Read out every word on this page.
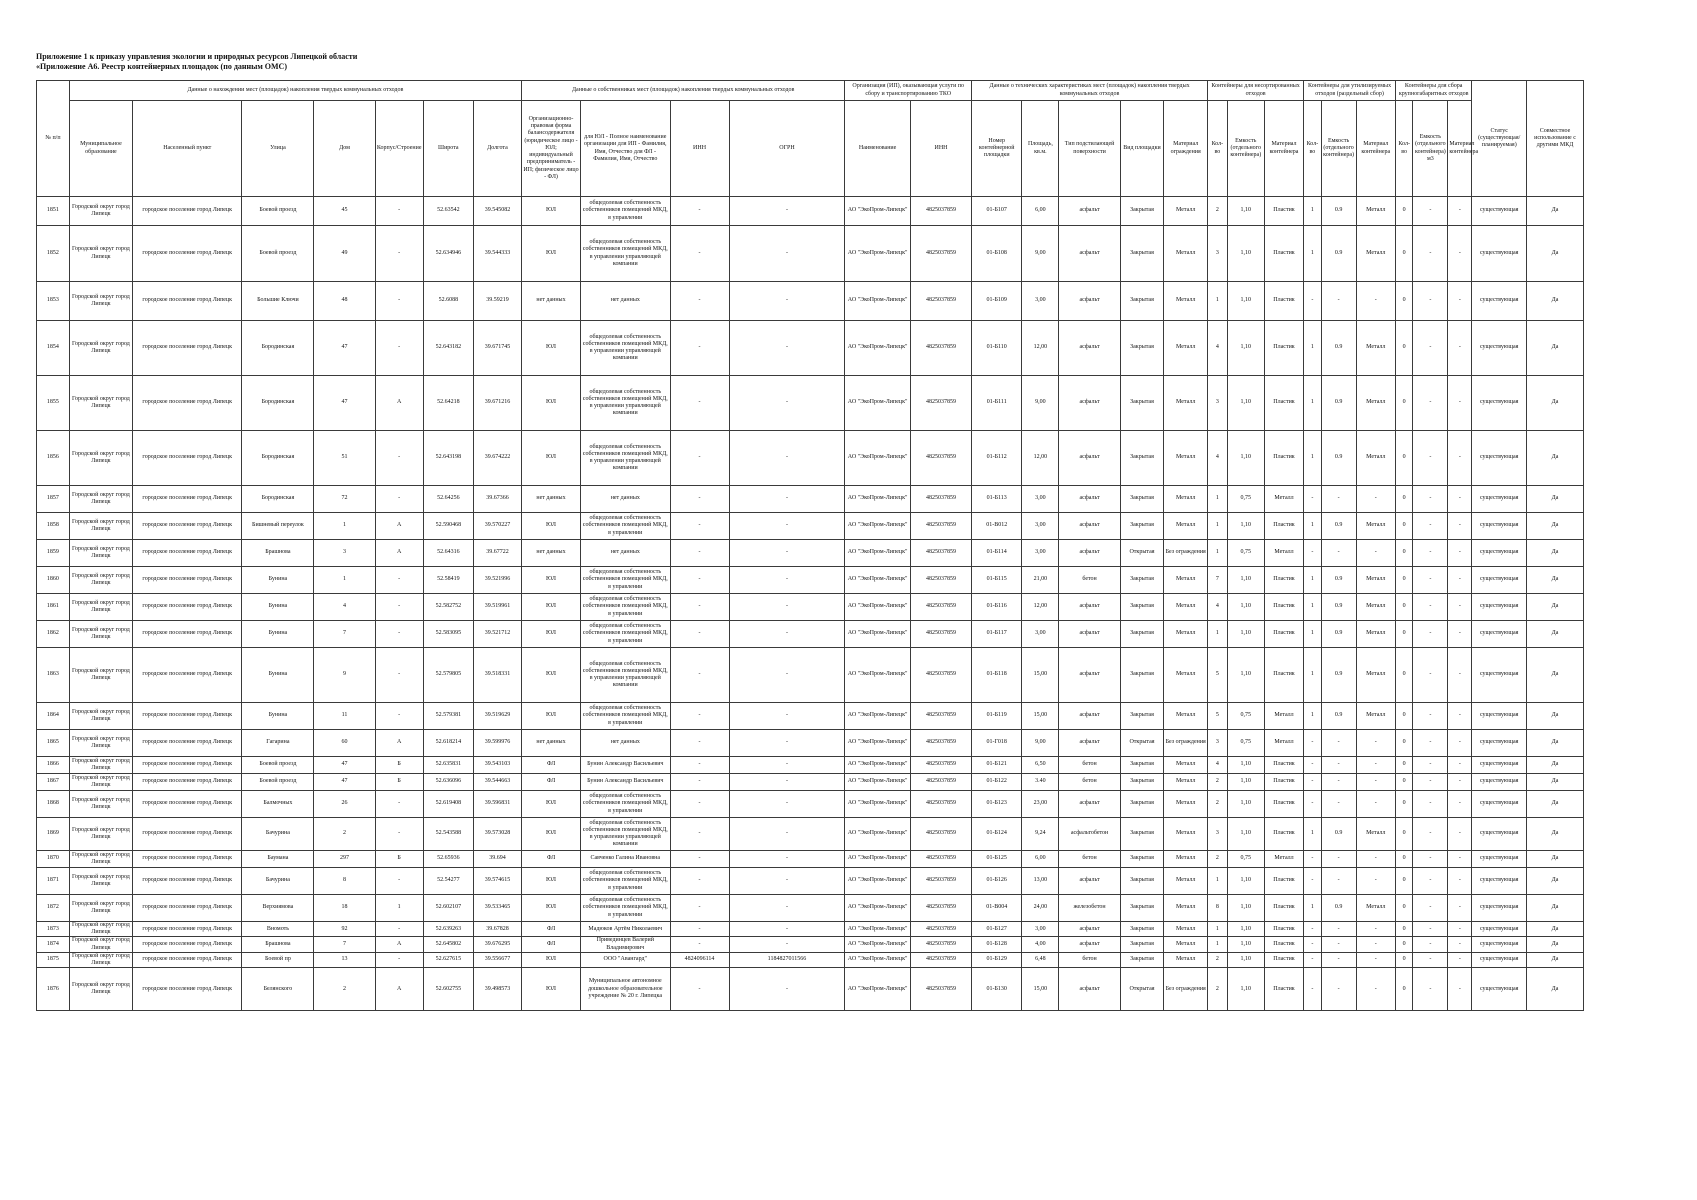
Приложение 1 к приказу управления экологии и природных ресурсов Липецкой области
«Приложение А6. Реестр контейнерных площадок (по данным ОМС)
№ п/п	Данные о нахождении мест (площадок) накопления твердых коммунальных отходов							Данные о собственниках мест (площадок) накопления твердых коммунальных отходов				Организация (ИП), оказывающая услуги по сбору и транспортированию ТКО		Данные о технических характеристиках мест (площадок) накопления твердых коммунальных отходов					Контейнеры для несортированных отходов			Контейнеры для утилизируемых отходов (раздельный сбор)			Контейнеры для сбора крупногабаритных отходов			Статус (существующая/ планируемая)	Совместное использование с другими МКД
	Муниципальное образование	Населенный пункт	Улица	Дом	Корпус/Строение	Широта	Долгота	Организационно-правовая форма балансодержателя (юридическое лицо - ЮЛ; индивидуальный предприниматель - ИП; физическое лицо - ФЛ)	для ЮЛ - Полное наименование организации для ИП - Фамилия, Имя, Отчество для ФЛ - Фамилия, Имя, Отчество	ИНН	ОГРН	Наименование	ИНН	Номер контейнерной площадки	Площадь, кв.м.	Тип подстилающей поверхности	Вид площадки	Материал ограждения	Кол-во	Емкость (отдельного контейнера)	Материал контейнера	Кол-во	Емкость (отдельного контейнера)	Материал контейнера	Кол-во	Емкость (отдельного контейнера) м3	Материал контейнера		
1851	Городской округ город Липецк	городское поселение город Липецк	Боевой проезд	45	-	52.63542	39.545082	ЮЛ	общедолевая собственность собственников помещений МКД, в управлении	-	-	АО "ЭкоПром-Липецк"	4825037859	01-Б107	6,00	асфальт	Закрытая	Металл	2	1,10	Пластик	1	0.9	Металл	0	-	-	существующая	Да
1852	Городской округ город Липецк	городское поселение город Липецк	Боевой проезд	49	-	52.634946	39.544333	ЮЛ	общедолевая собственность собственников помещений МКД, в управлении управляющей компании	-	-	АО "ЭкоПром-Липецк"	4825037859	01-Б108	9,00	асфальт	Закрытая	Металл	3	1,10	Пластик	1	0.9	Металл	0	-	-	существующая	Да
1853	Городской округ город Липецк	городское поселение город Липецк	Большие Ключи	48	-	52.6088	39.59219	нет данных	нет данных	-	-	АО "ЭкоПром-Липецк"	4825037859	01-Б109	3,00	асфальт	Закрытая	Металл	1	1,10	Пластик	-	-	-	0	-	-	существующая	Да
1854	Городской округ город Липецк	городское поселение город Липецк	Бородинская	47	-	52.643182	39.671745	ЮЛ	общедолевая собственность собственников помещений МКД, в управлении управляющей компании	-	-	АО "ЭкоПром-Липецк"	4825037859	01-Б110	12,00	асфальт	Закрытая	Металл	4	1,10	Пластик	1	0.9	Металл	0	-	-	существующая	Да
1855	Городской округ город Липецк	городское поселение город Липецк	Бородинская	47	А	52.64218	39.671216	ЮЛ	общедолевая собственность собственников помещений МКД, в управлении управляющей компании	-	-	АО "ЭкоПром-Липецк"	4825037859	01-Б111	9,00	асфальт	Закрытая	Металл	3	1,10	Пластик	1	0.9	Металл	0	-	-	существующая	Да
1856	Городской округ город Липецк	городское поселение город Липецк	Бородинская	51	-	52.643198	39.674222	ЮЛ	общедолевая собственность собственников помещений МКД, в управлении управляющей компании	-	-	АО "ЭкоПром-Липецк"	4825037859	01-Б112	12,00	асфальт	Закрытая	Металл	4	1,10	Пластик	1	0.9	Металл	0	-	-	существующая	Да
1857	Городской округ город Липецк	городское поселение город Липецк	Бородинская	72	-	52.64256	39.67366	нет данных	нет данных	-	-	АО "ЭкоПром-Липецк"	4825037859	01-Б113	3,00	асфальт	Закрытая	Металл	1	0,75	Металл	-	-	-	0	-	-	существующая	Да
1858	Городской округ город Липецк	городское поселение город Липецк	Бишневый переулок	1	А	52.590468	39.570227	ЮЛ	общедолевая собственность собственников помещений МКД, в управлении	-	-	АО "ЭкоПром-Липецк"	4825037859	01-В012	3,00	асфальт	Закрытая	Металл	1	1,10	Пластик	1	0.9	Металл	0	-	-	существующая	Да
1859	Городской округ город Липецк	городское поселение город Липецк	Брашнова	3	А	52.64316	39.67722	нет данных	нет данных	-	-	АО "ЭкоПром-Липецк"	4825037859	01-Б114	3,00	асфальт	Открытая	Без ограждения	1	0,75	Металл	-	-	-	0	-	-	существующая	Да
1860	Городской округ город Липецк	городское поселение город Липецк	Бунина	1	-	52.58419	39.521996	ЮЛ	общедолевая собственность собственников помещений МКД, в управлении	-	-	АО "ЭкоПром-Липецк"	4825037859	01-Б115	21,00	бетон	Закрытая	Металл	7	1,10	Пластик	1	0.9	Металл	0	-	-	существующая	Да
1861	Городской округ город Липецк	городское поселение город Липецк	Бунина	4	-	52.582752	39.519961	ЮЛ	общедолевая собственность собственников помещений МКД, в управлении	-	-	АО "ЭкоПром-Липецк"	4825037859	01-Б116	12,00	асфальт	Закрытая	Металл	4	1,10	Пластик	1	0.9	Металл	0	-	-	существующая	Да
1862	Городской округ город Липецк	городское поселение город Липецк	Бунина	7	-	52.583095	39.521712	ЮЛ	общедолевая собственность собственников помещений МКД, в управлении	-	-	АО "ЭкоПром-Липецк"	4825037859	01-Б117	3,00	асфальт	Закрытая	Металл	1	1,10	Пластик	1	0.9	Металл	0	-	-	существующая	Да
1863	Городской округ город Липецк	городское поселение город Липецк	Бунина	9	-	52.579805	39.518331	ЮЛ	общедолевая собственность собственников помещений МКД, в управлении управляющей компании	-	-	АО "ЭкоПром-Липецк"	4825037859	01-Б118	15,00	асфальт	Закрытая	Металл	5	1,10	Пластик	1	0.9	Металл	0	-	-	существующая	Да
1864	Городской округ город Липецк	городское поселение город Липецк	Бунина	11	-	52.579381	39.519629	ЮЛ	общедолевая собственность собственников помещений МКД, в управлении	-	-	АО "ЭкоПром-Липецк"	4825037859	01-Б119	15,00	асфальт	Закрытая	Металл	5	0,75	Металл	1	0.9	Металл	0	-	-	существующая	Да
1865	Городской округ город Липецк	городское поселение город Липецк	Гагарина	60	А	52.618214	39.599976	нет данных	нет данных	-	-	АО "ЭкоПром-Липецк"	4825037859	01-Г018	9,00	асфальт	Открытая	Без ограждения	3	0,75	Металл	-	-	-	0	-	-	существующая	Да
1866	Городской округ город Липецк	городское поселение город Липецк	Боевой проезд	47	Б	52.635831	39.543103	ФЛ	Бунин Александр Васильевич	-	-	АО "ЭкоПром-Липецк"	4825037859	01-Б121	6,50	бетон	Закрытая	Металл	4	1,10	Пластик	-	-	-	0	-	-	существующая	Да
1867	Городской округ город Липецк	городское поселение город Липецк	Боевой проезд	47	Б	52.636096	39.544663	ФЛ	Бунин Александр Васильевич	-	-	АО "ЭкоПром-Липецк"	4825037859	01-Б122	3.40	бетон	Закрытая	Металл	2	1,10	Пластик	-	-	-	0	-	-	существующая	Да
1868	Городской округ город Липецк	городское поселение город Липецк	Балмочных	26	-	52.619408	39.596831	ЮЛ	общедолевая собственность собственников помещений МКД, в управлении	-	-	АО "ЭкоПром-Липецк"	4825037859	01-Б123	23,00	асфальт	Закрытая	Металл	2	1,10	Пластик	-	-	-	0	-	-	существующая	Да
1869	Городской округ город Липецк	городское поселение город Липецк	Бачурина	2	-	52.543588	39.573028	ЮЛ	общедолевая собственность собственников помещений МКД, в управлении управляющей компании	-	-	АО "ЭкоПром-Липецк"	4825037859	01-Б124	9,24	асфальтобетон	Закрытая	Металл	3	1,10	Пластик	1	0.9	Металл	0	-	-	существующая	Да
1870	Городской округ город Липецк	городское поселение город Липецк	Баумана	297	Б	52.65936	39.694	ФЛ	Савченко Галина Ивановна	-	-	АО "ЭкоПром-Липецк"	4825037859	01-Б125	6,00	бетон	Закрытая	Металл	2	0,75	Металл	-	-	-	0	-	-	существующая	Да
1871	Городской округ город Липецк	городское поселение город Липецк	Бачурина	8	-	52.54277	39.574615	ЮЛ	общедолевая собственность собственников помещений МКД, в управлении	-	-	АО "ЭкоПром-Липецк"	4825037859	01-Б126	13,00	асфальт	Закрытая	Металл	1	1,10	Пластик	-	-	-	0	-	-	существующая	Да
1872	Городской округ город Липецк	городское поселение город Липецк	Верхиямова	18	1	52.602107	39.533465	ЮЛ	общедолевая собственность собственников помещений МКД, в управлении	-	-	АО "ЭкоПром-Липецк"	4825037859	01-В004	24,00	железобетон	Закрытая	Металл	8	1,10	Пластик	1	0.9	Металл	0	-	-	существующая	Да
1873	Городской округ город Липецк	городское поселение город Липецк	Вномоть	92	-	52.639263	39.67828	ФЛ	Мадюков Артём Николаевич	-	-	АО "ЭкоПром-Липецк"	4825037859	01-Б127	3,00	асфальт	Закрытая	Металл	1	1,10	Пластик	-	-	-	0	-	-	существующая	Да
1874	Городской округ город Липецк	городское поселение город Липецк	Брашнова	7	А	52.645802	39.676295	ФЛ	Привединцев Валерий Владимирович	-	-	АО "ЭкоПром-Липецк"	4825037859	01-Б128	4,00	асфальт	Закрытая	Металл	1	1,10	Пластик	-	-	-	0	-	-	существующая	Да
1875	Городской округ город Липецк	городское поселение город Липецк	Боевой пр	13	-	52.627615	39.556677	ЮЛ	ООО "Авангард"	4824096114	1184827011566	АО "ЭкоПром-Липецк"	4825037859	01-Б129	6,48	бетон	Закрытая	Металл	2	1,10	Пластик	-	-	-	0	-	-	существующая	Да
1876	Городской округ город Липецк	городское поселение город Липецк	Белянского	2	А	52.602755	39.498573	ЮЛ	Муниципальное автономное дошкольное образовательное учреждение № 20 г. Липецка	-	-	АО "ЭкоПром-Липецк"	4825037859	01-Б130	15,00	асфальт	Открытая	Без ограждения	2	1,10	Пластик	-	-	-	0	-	-	существующая	Да
